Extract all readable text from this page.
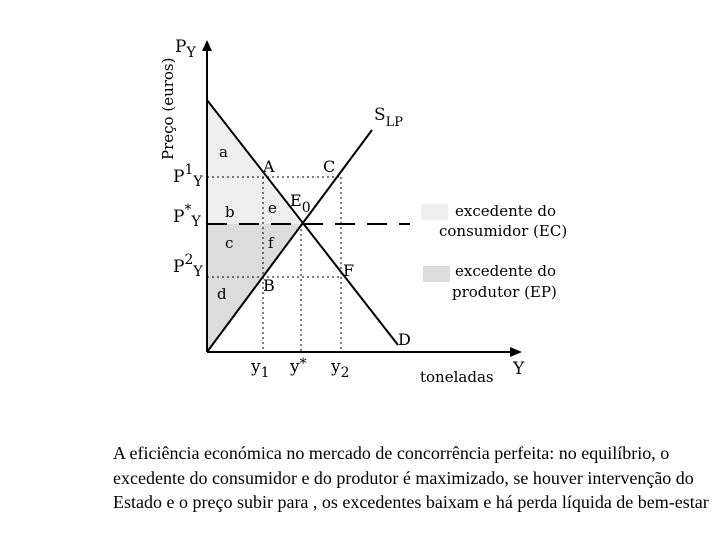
Preço (euros)
$P_Y$
$P^1_Y$
$P^*_Y$
$P^2_Y$
$y_1$ y* $y_2$	toneladas Y
$S_{LP}$
D
A	C
E0
F
B
a
b e
c f
d
excedente do
consumidor (EC)
excedente do
produtor (EP)

A eficiência económica no mercado de concorrência perfeita: no equilíbrio, o excedente do consumidor e do produtor é maximizado, se houver intervenção do Estado e o preço subir para , os excedentes baixam e há perda líquida de bem-estar
